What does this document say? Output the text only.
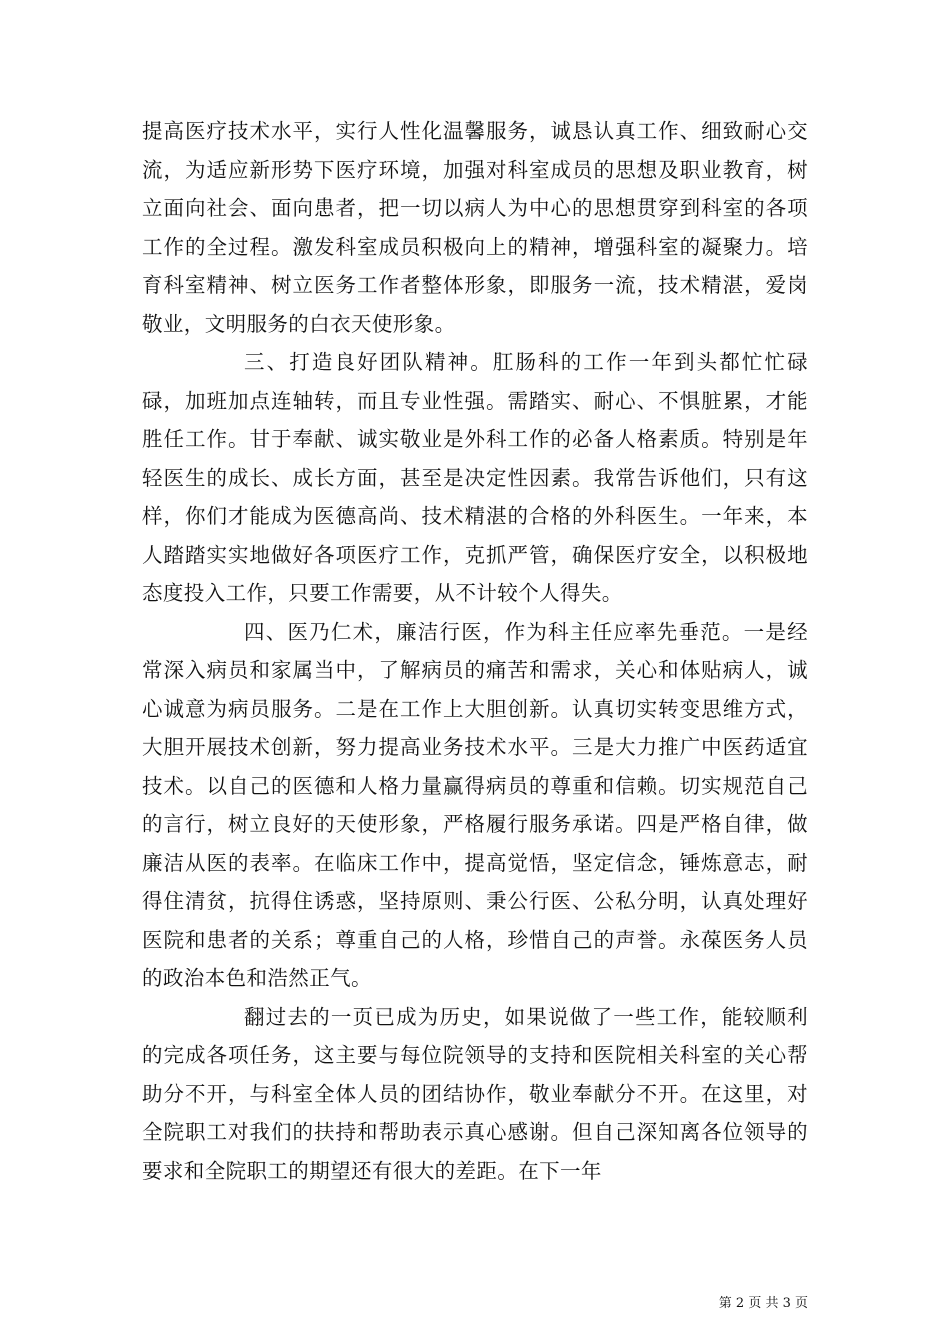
提高医疗技术水平，实行人性化温馨服务，诚恳认真工作、细致耐心交流，为适应新形势下医疗环境，加强对科室成员的思想及职业教育，树立面向社会、面向患者，把一切以病人为中心的思想贯穿到科室的各项工作的全过程。激发科室成员积极向上的精神，增强科室的凝聚力。培育科室精神、树立医务工作者整体形象，即服务一流，技术精湛，爱岗敬业，文明服务的白衣天使形象。

三、打造良好团队精神。肛肠科的工作一年到头都忙忙碌碌，加班加点连轴转，而且专业性强。需踏实、耐心、不惧脏累，才能胜任工作。甘于奉献、诚实敬业是外科工作的必备人格素质。特别是年轻医生的成长、成长方面，甚至是决定性因素。我常告诉他们，只有这样，你们才能成为医德高尚、技术精湛的合格的外科医生。一年来，本人踏踏实实地做好各项医疗工作，克抓严管，确保医疗安全，以积极地态度投入工作，只要工作需要，从不计较个人得失。

四、医乃仁术，廉洁行医，作为科主任应率先垂范。一是经常深入病员和家属当中，了解病员的痛苦和需求，关心和体贴病人，诚心诚意为病员服务。二是在工作上大胆创新。认真切实转变思维方式，大胆开展技术创新，努力提高业务技术水平。三是大力推广中医药适宜技术。以自己的医德和人格力量赢得病员的尊重和信赖。切实规范自己的言行，树立良好的天使形象，严格履行服务承诺。四是严格自律，做廉洁从医的表率。在临床工作中，提高觉悟，坚定信念，锤炼意志，耐得住清贫，抗得住诱惑，坚持原则、秉公行医、公私分明，认真处理好医院和患者的关系；尊重自己的人格，珍惜自己的声誉。永葆医务人员的政治本色和浩然正气。

翻过去的一页已成为历史，如果说做了一些工作，能较顺利的完成各项任务，这主要与每位院领导的支持和医院相关科室的关心帮助分不开，与科室全体人员的团结协作，敬业奉献分不开。在这里，对全院职工对我们的扶持和帮助表示真心感谢。但自己深知离各位领导的要求和全院职工的期望还有很大的差距。在下一年

第 2 页 共 3 页
